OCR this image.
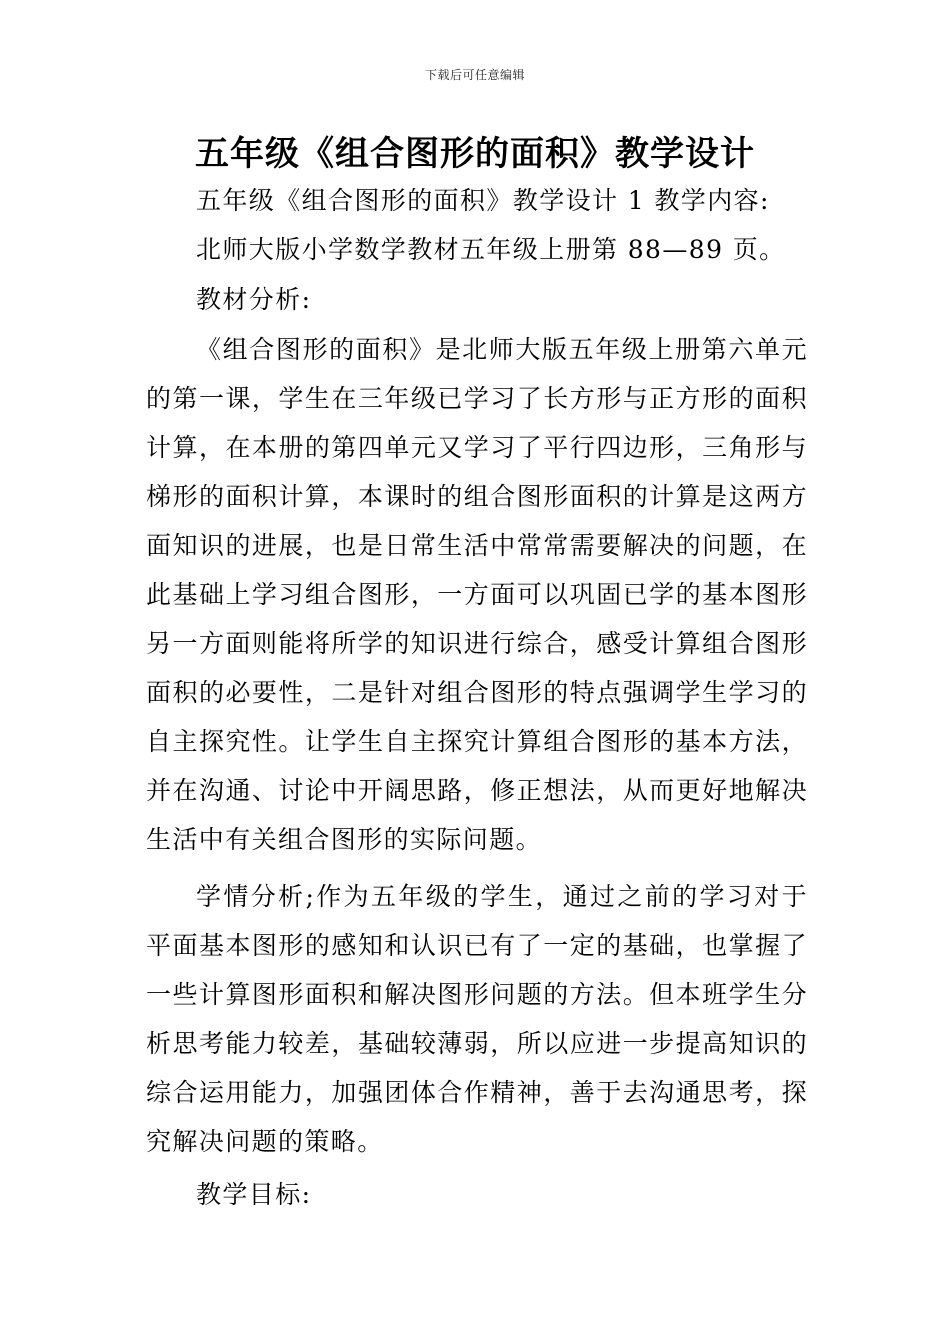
下载后可任意编辑
五年级《组合图形的面积》教学设计
五年级《组合图形的面积》教学设计 1 教学内容:
北师大版小学数学教材五年级上册第 88—89 页。
教材分析:
《组合图形的面积》是北师大版五年级上册第六单元的第一课，学生在三年级已学习了长方形与正方形的面积计算，在本册的第四单元又学习了平行四边形，三角形与梯形的面积计算，本课时的组合图形面积的计算是这两方面知识的进展，也是日常生活中常常需要解决的问题，在此基础上学习组合图形，一方面可以巩固已学的基本图形另一方面则能将所学的知识进行综合，感受计算组合图形面积的必要性，二是针对组合图形的特点强调学生学习的自主探究性。让学生自主探究计算组合图形的基本方法，并在沟通、讨论中开阔思路，修正想法，从而更好地解决生活中有关组合图形的实际问题。
学情分析;作为五年级的学生，通过之前的学习对于平面基本图形的感知和认识已有了一定的基础，也掌握了一些计算图形面积和解决图形问题的方法。但本班学生分析思考能力较差，基础较薄弱，所以应进一步提高知识的综合运用能力，加强团体合作精神，善于去沟通思考，探究解决问题的策略。
教学目标:
